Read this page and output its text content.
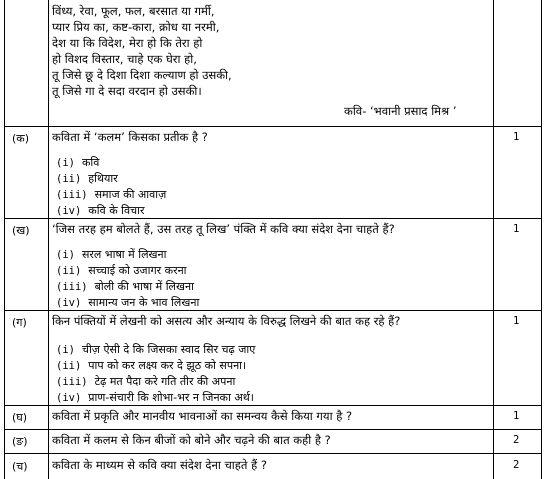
विंध्य, रेवा, फूल, फल, बरसात या गर्मी,
प्यार प्रिय का, कष्ट-कारा, क्रोध या नरमी,
देश या कि विदेश, मेरा हो कि तेरा हो
हो विशद विस्तार, चाहे एक घेरा हो,
तू जिसे छू दे दिशा दिशा कल्याण हो उसकी,
तू जिसे गा दे सदा वरदान हो उसकी।
कवि- ‘भवानी प्रसाद मिश्र ’
(क) कविता में ‘कलम’ किसका प्रतीक है ?	1
(i) कवि
(ii) हथियार
(iii) समाज की आवाज़
(iv) कवि के विचार
(ख) ‘जिस तरह हम बोलते हैं, उस तरह तू लिख’ पंक्ति में कवि क्या संदेश देना चाहते हैं?	1
(i) सरल भाषा में लिखना
(ii) सच्चाई को उजागर करना
(iii) बोली की भाषा में लिखना
(iv) सामान्य जन के भाव लिखना
(ग) किन पंक्तियों में लेखनी को असत्य और अन्याय के विरुद्ध लिखने की बात कह रहे हैं?	1
(i) चीज़ ऐसी दे कि जिसका स्वाद सिर चढ़ जाए
(ii) पाप को कर लक्ष्य कर दे झूठ को सपना।
(iii) टेढ़ मत पैदा करे गति तीर की अपना
(iv) प्राण-संचारी कि शोभा-भर न जिनका अर्थ।
(घ) कविता में प्रकृति और मानवीय भावनाओं का समन्वय कैसे किया गया है ?	1
(ङ) कविता में कलम से किन बीजों को बोने और चढ़ने की बात कही है ?	2
(च) कविता के माध्यम से कवि क्या संदेश देना चाहते हैं ?	2
